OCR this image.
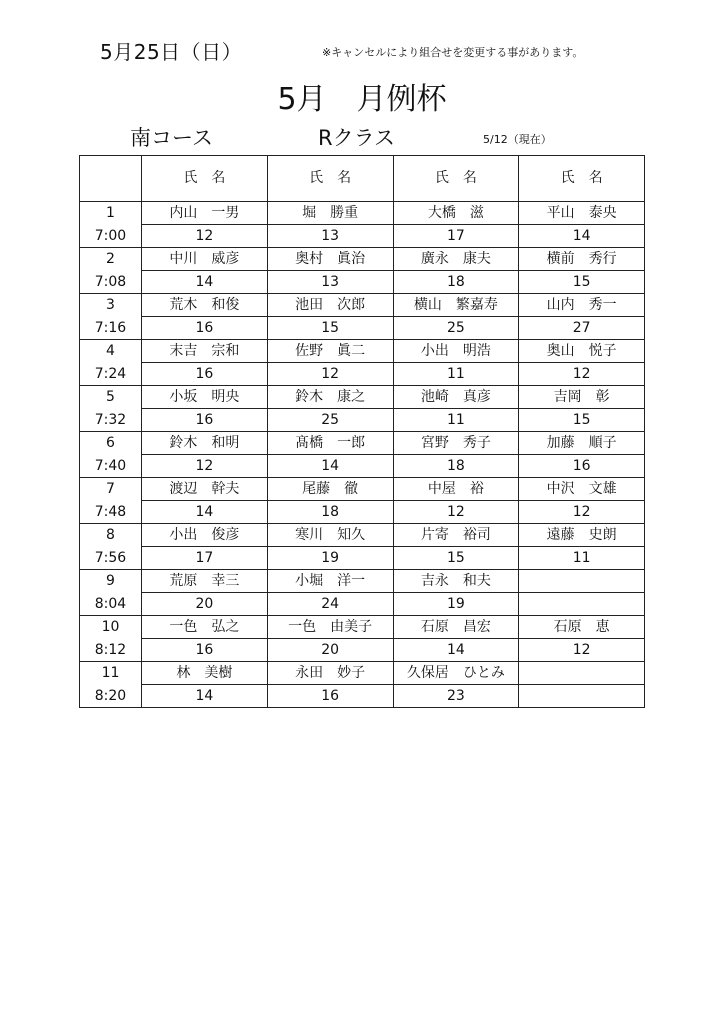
5月25日（日）	※キャンセルにより組合せを変更する事があります。
5月　月例杯
南コース	Rクラス	5/12（現在）
	氏　名	氏　名	氏　名	氏　名
1	内山　一男	堀　勝重	大橋　滋	平山　泰央
7:00	12	13	17	14
2	中川　威彦	奥村　眞治	廣永　康夫	横前　秀行
7:08	14	13	18	15
3	荒木　和俊	池田　次郎	横山　繁嘉寿	山内　秀一
7:16	16	15	25	27
4	末吉　宗和	佐野　眞二	小出　明浩	奥山　悦子
7:24	16	12	11	12
5	小坂　明央	鈴木　康之	池崎　真彦	吉岡　彰
7:32	16	25	11	15
6	鈴木　和明	髙橋　一郎	宮野　秀子	加藤　順子
7:40	12	14	18	16
7	渡辺　幹夫	尾藤　徹	中屋　裕	中沢　文雄
7:48	14	18	12	12
8	小出　俊彦	寒川　知久	片寄　裕司	遠藤　史朗
7:56	17	19	15	11
9	荒原　幸三	小堀　洋一	吉永　和夫	
8:04	20	24	19	
10	一色　弘之	一色　由美子	石原　昌宏	石原　恵
8:12	16	20	14	12
11	林　美樹	永田　妙子	久保居　ひとみ	
8:20	14	16	23	
